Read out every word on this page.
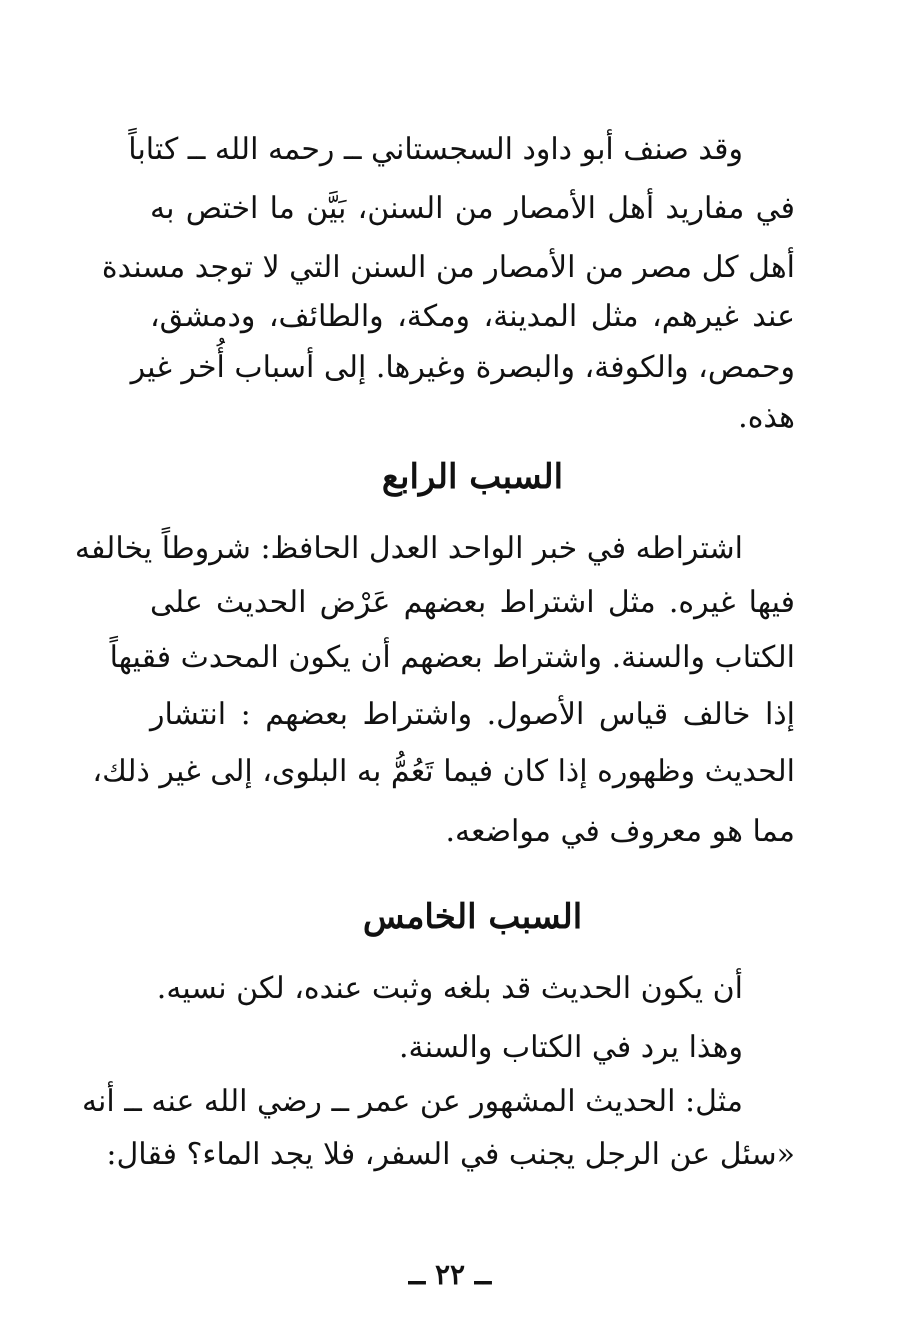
وقد صنف أبو داود السجستاني ــ رحمه الله ــ كتاباً
في مفاريد أهل الأمصار من السنن، بَيَّن ما اختص به
أهل كل مصر من الأمصار من السنن التي لا توجد مسندة
عند غيرهم، مثل المدينة، ومكة، والطائف، ودمشق،
وحمص، والكوفة، والبصرة وغيرها. إلى أسباب أُخر غير
هذه.
السبب الرابع
اشتراطه في خبر الواحد العدل الحافظ: شروطاً يخالفه
فيها غيره. مثل اشتراط بعضهم عَرْض الحديث على
الكتاب والسنة. واشتراط بعضهم أن يكون المحدث فقيهاً
إذا خالف قياس الأصول. واشتراط بعضهم : انتشار
الحديث وظهوره إذا كان فيما تَعُمُّ به البلوى، إلى غير ذلك،
مما هو معروف في مواضعه.
السبب الخامس
أن يكون الحديث قد بلغه وثبت عنده، لكن نسيه.
وهذا يرد في الكتاب والسنة.
مثل: الحديث المشهور عن عمر ــ رضي الله عنه ــ أنه
«سئل عن الرجل يجنب في السفر، فلا يجد الماء؟ فقال:
ــ ٢٢ ــ
